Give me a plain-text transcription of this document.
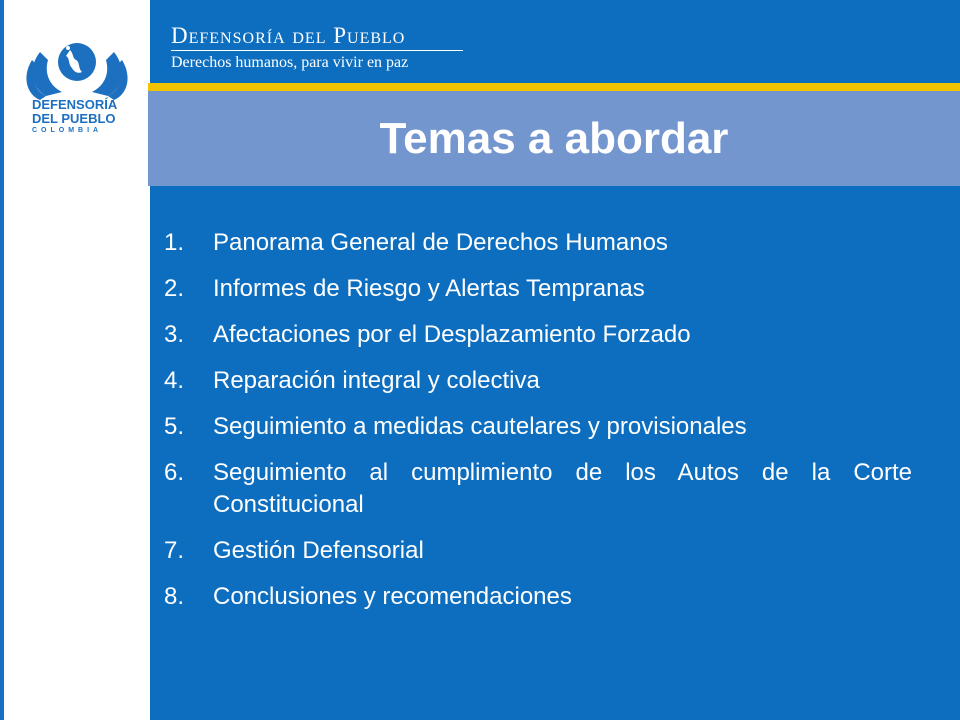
DEFENSORÍA
DEL PUEBLO
COLOMBIA
Defensoría del Pueblo
Derechos humanos, para vivir en paz
Temas a abordar
1.	Panorama General de Derechos Humanos
2.	Informes de Riesgo y Alertas Tempranas
3.	Afectaciones por el Desplazamiento Forzado
4.	Reparación integral y colectiva
5.	Seguimiento a medidas cautelares y provisionales
6.	Seguimiento al cumplimiento de los Autos de la Corte Constitucional
7.	Gestión Defensorial
8.	Conclusiones y recomendaciones
